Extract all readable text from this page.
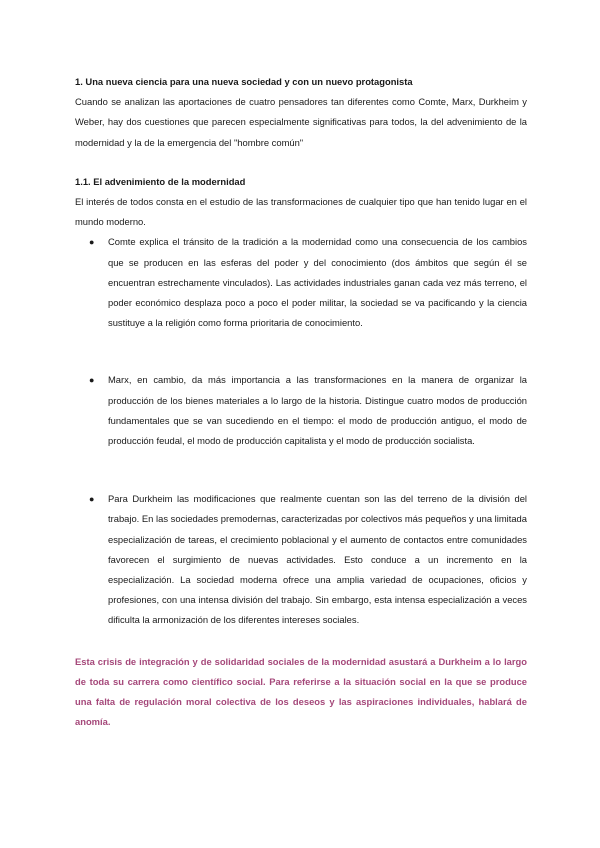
1. Una nueva ciencia para una nueva sociedad y con un nuevo protagonista

Cuando se analizan las aportaciones de cuatro pensadores tan diferentes como Comte, Marx, Durkheim y Weber, hay dos cuestiones que parecen especialmente significativas para todos, la del advenimiento de la modernidad y la de la emergencia del "hombre común"

1.1. El advenimiento de la modernidad

El interés de todos consta en el estudio de las transformaciones de cualquier tipo que han tenido lugar en el mundo moderno.

● Comte explica el tránsito de la tradición a la modernidad como una consecuencia de los cambios que se producen en las esferas del poder y del conocimiento (dos ámbitos que según él se encuentran estrechamente vinculados). Las actividades industriales ganan cada vez más terreno, el poder económico desplaza poco a poco el poder militar, la sociedad se va pacificando y la ciencia sustituye a la religión como forma prioritaria de conocimiento.
● Marx, en cambio, da más importancia a las transformaciones en la manera de organizar la producción de los bienes materiales a lo largo de la historia. Distingue cuatro modos de producción fundamentales que se van sucediendo en el tiempo: el modo de producción antiguo, el modo de producción feudal, el modo de producción capitalista y el modo de producción socialista.
● Para Durkheim las modificaciones que realmente cuentan son las del terreno de la división del trabajo. En las sociedades premodernas, caracterizadas por colectivos más pequeños y una limitada especialización de tareas, el crecimiento poblacional y el aumento de contactos entre comunidades favorecen el surgimiento de nuevas actividades. Esto conduce a un incremento en la especialización. La sociedad moderna ofrece una amplia variedad de ocupaciones, oficios y profesiones, con una intensa división del trabajo. Sin embargo, esta intensa especialización a veces dificulta la armonización de los diferentes intereses sociales.

Esta crisis de integración y de solidaridad sociales de la modernidad asustará a Durkheim a lo largo de toda su carrera como científico social. Para referirse a la situación social en la que se produce una falta de regulación moral colectiva de los deseos y las aspiraciones individuales, hablará de anomía.
